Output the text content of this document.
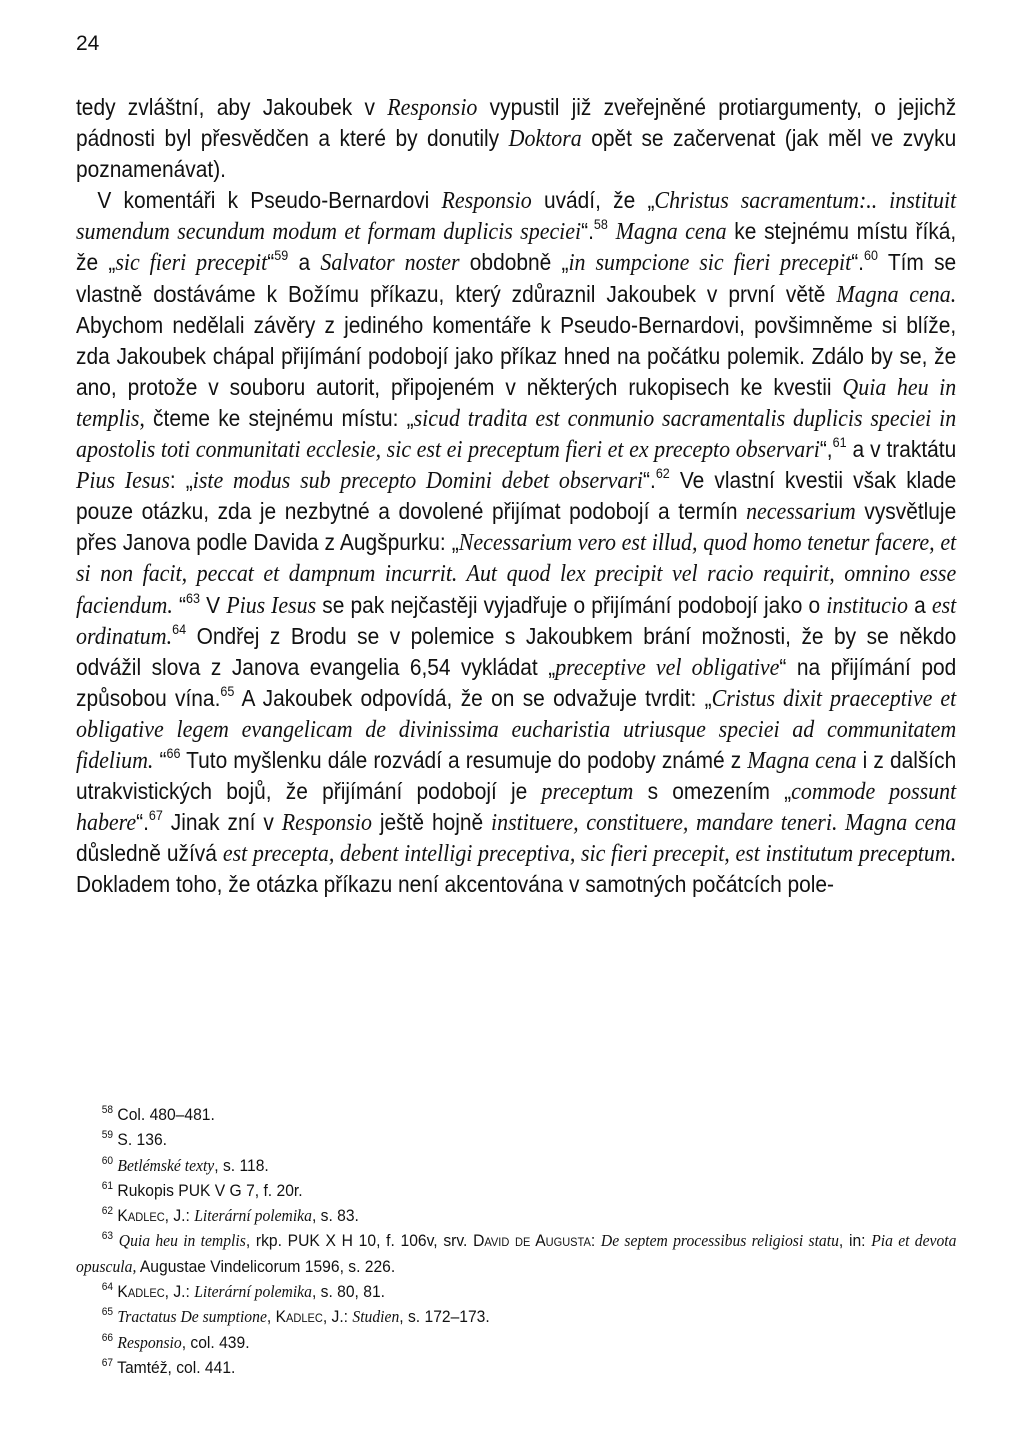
24

tedy zvláštní, aby Jakoubek v Responsio vypustil již zveřejněné protiargumenty, o jejichž pádnosti byl přesvědčen a které by donutily Doktora opět se začervenat (jak měl ve zvyku poznamenávat).

V komentáři k Pseudo-Bernardovi Responsio uvádí, že „Christus sacramentum:.. instituit sumendum secundum modum et formam duplicis speciei“.$^{58}$ Magna cena ke stejnému místu říká, že „sic fieri precepit“$^{59}$ a Salvator noster obdobně „in sumpcione sic fieri precepit“.$^{60}$ Tím se vlastně dostáváme k Božímu příkazu, který zdůraznil Jakoubek v první větě Magna cena. Abychom nedělali závěry z jediného komentáře k Pseudo-Bernardovi, povšimněme si blíže, zda Jakoubek chápal přijímání podobojí jako příkaz hned na počátku polemik. Zdálo by se, že ano, protože v souboru autorit, připojeném v některých rukopisech ke kvestii Quia heu in templis, čteme ke stejnému místu: „sicud tradita est conmunio sacramentalis duplicis speciei in apostolis toti conmunitati ecclesie, sic est ei preceptum fieri et ex precepto observari“,$^{61}$ a v traktátu Pius Iesus: „iste modus sub precepto Domini debet observari“.$^{62}$ Ve vlastní kvestii však klade pouze otázku, zda je nezbytné a dovolené přijímat podobojí a termín necessarium vysvětluje přes Janova podle Davida z Augšpurku: „Necessarium vero est illud, quod homo tenetur facere, et si non facit, peccat et dampnum incurrit. Aut quod lex precipit vel racio requirit, omnino esse faciendum. “$^{63}$ V Pius Iesus se pak nejčastěji vyjadřuje o přijímání podobojí jako o institucio a est ordinatum.$^{64}$ Ondřej z Brodu se v polemice s Jakoubkem brání možnosti, že by se někdo odvážil slova z Janova evangelia 6,54 vykládat „preceptive vel obligative“ na přijímání pod způsobou vína.$^{65}$ A Jakoubek odpovídá, že on se odvažuje tvrdit: „Cristus dixit praeceptive et obligative legem evangelicam de divinissima eucharistia utriusque speciei ad communitatem fidelium. “$^{66}$ Tuto myšlenku dále rozvádí a resumuje do podoby známé z Magna cena i z dalších utrakvistických bojů, že přijímání podobojí je preceptum s omezením „commode possunt habere“.$^{67}$ Jinak zní v Responsio ještě hojně instituere, constituere, mandare teneri. Magna cena důsledně užívá est precepta, debent intelligi preceptiva, sic fieri precepit, est institutum preceptum. Dokladem toho, že otázka příkazu není akcentována v samotných počátcích pole-

$^{58}$ Col. 480–481.
$^{59}$ S. 136.
$^{60}$ Betlémské texty, s. 118.
$^{61}$ Rukopis PUK V G 7, f. 20r.
$^{62}$ Kadlec, J.: Literární polemika, s. 83.
$^{63}$ Quia heu in templis, rkp. PUK X H 10, f. 106v, srv. David de Augusta: De septem processibus religiosi statu, in: Pia et devota opuscula, Augustae Vindelicorum 1596, s. 226.
$^{64}$ Kadlec, J.: Literární polemika, s. 80, 81.
$^{65}$ Tractatus De sumptione, Kadlec, J.: Studien, s. 172–173.
$^{66}$ Responsio, col. 439.
$^{67}$ Tamtéž, col. 441.
